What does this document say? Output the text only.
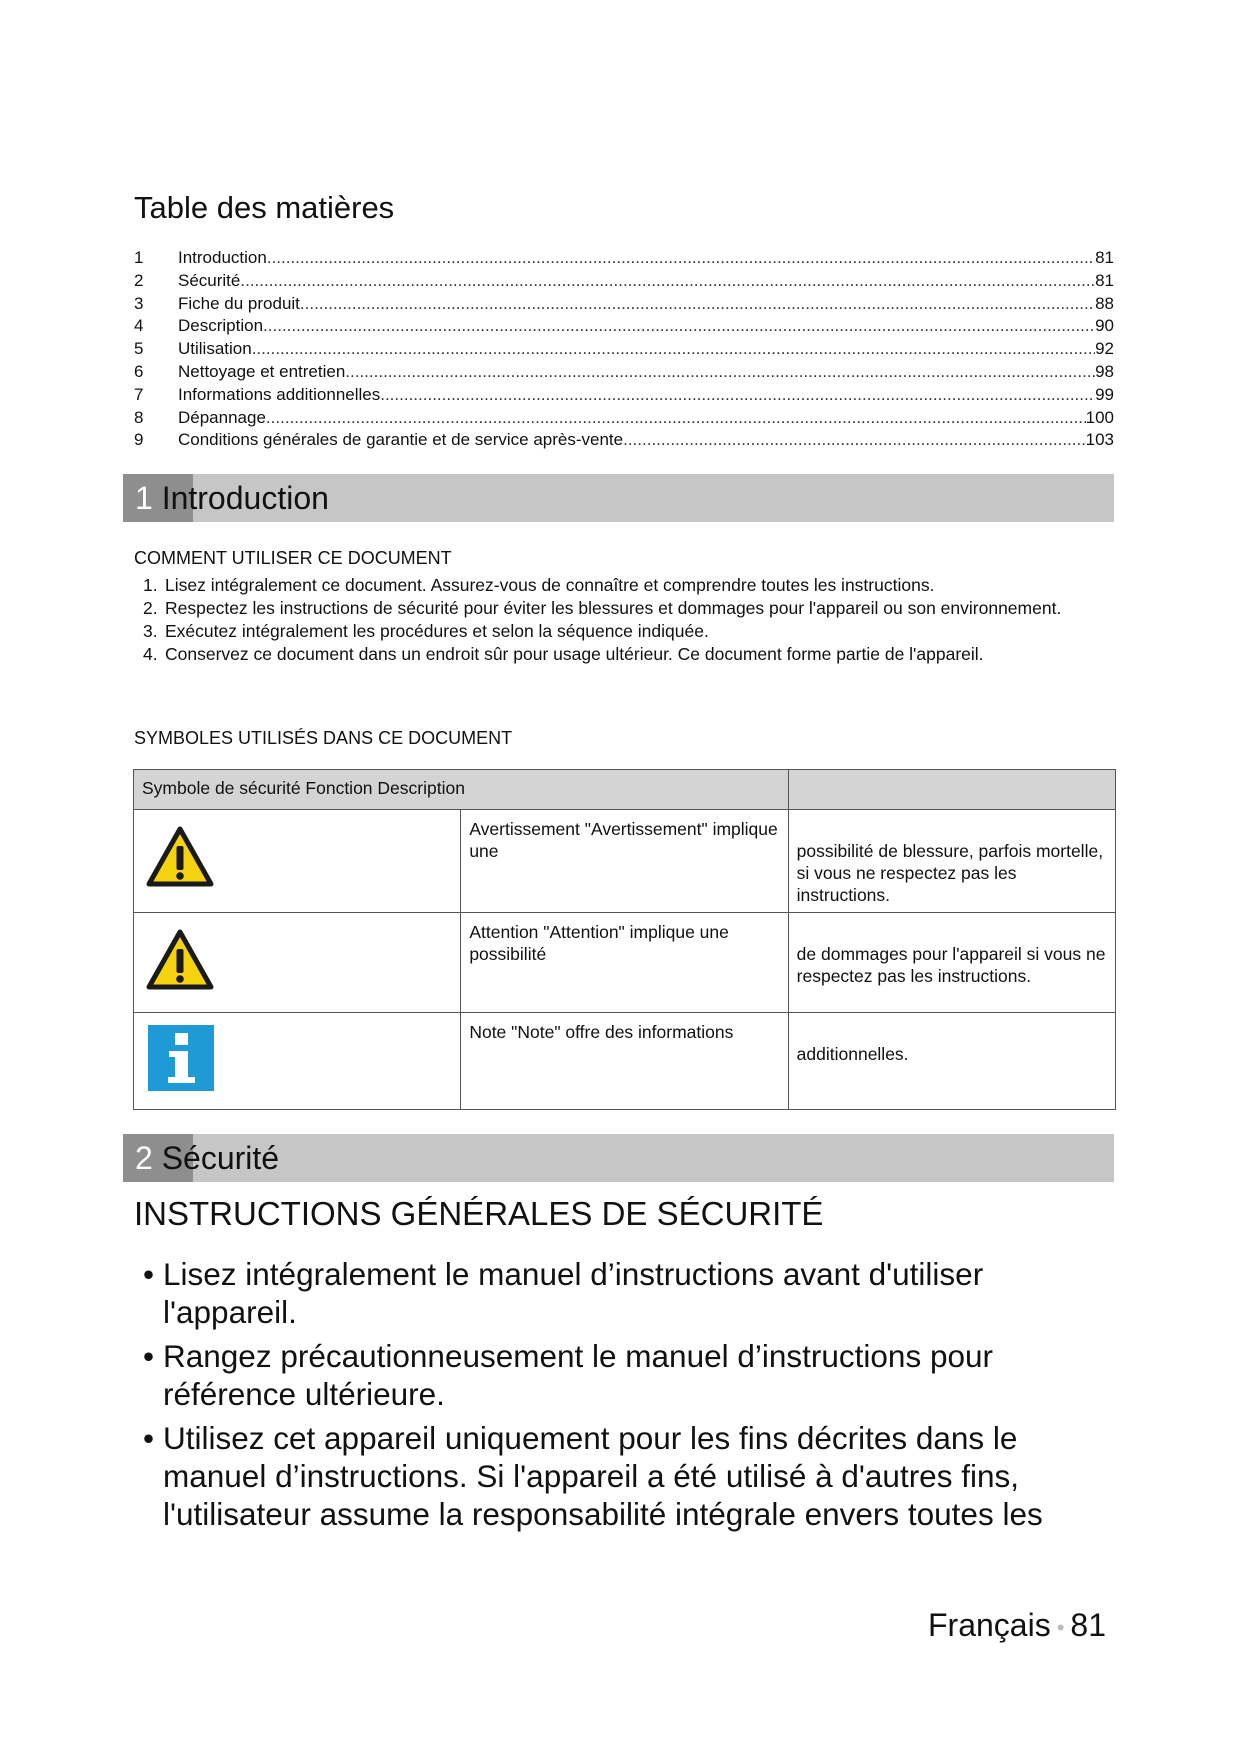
Table des matières
1	Introduction .....	81
2	Sécurité .....	81
3	Fiche du produit .....	88
4	Description .....	90
5	Utilisation .....	92
6	Nettoyage et entretien .....	98
7	Informations additionnelles .....	99
8	Dépannage .....	100
9	Conditions générales de garantie et de service après-vente .....	103
1 Introduction
COMMENT UTILISER CE DOCUMENT
1. Lisez intégralement ce document. Assurez-vous de connaître et comprendre toutes les instructions.
2. Respectez les instructions de sécurité pour éviter les blessures et dommages pour l'appareil ou son environnement.
3. Exécutez intégralement les procédures et selon la séquence indiquée.
4. Conservez ce document dans un endroit sûr pour usage ultérieur. Ce document forme partie de l'appareil.
SYMBOLES UTILISÉS DANS CE DOCUMENT
Symbole de sécurité Fonction Description		

Avertissement "Avertissement" implique une	possibilité de blessure, parfois mortelle, si vous ne respectez pas les instructions.

Attention "Attention" implique une possibilité	de dommages pour l'appareil si vous ne respectez pas les instructions.

Note "Note" offre des informations	additionnelles.
2 Sécurité
INSTRUCTIONS GÉNÉRALES DE SÉCURITÉ
• Lisez intégralement le manuel d’instructions avant d'utiliser l'appareil.
• Rangez précautionneusement le manuel d’instructions pour référence ultérieure.
• Utilisez cet appareil uniquement pour les fins décrites dans le manuel d’instructions. Si l'appareil a été utilisé à d'autres fins, l'utilisateur assume la responsabilité intégrale envers toutes les
Français • 81
